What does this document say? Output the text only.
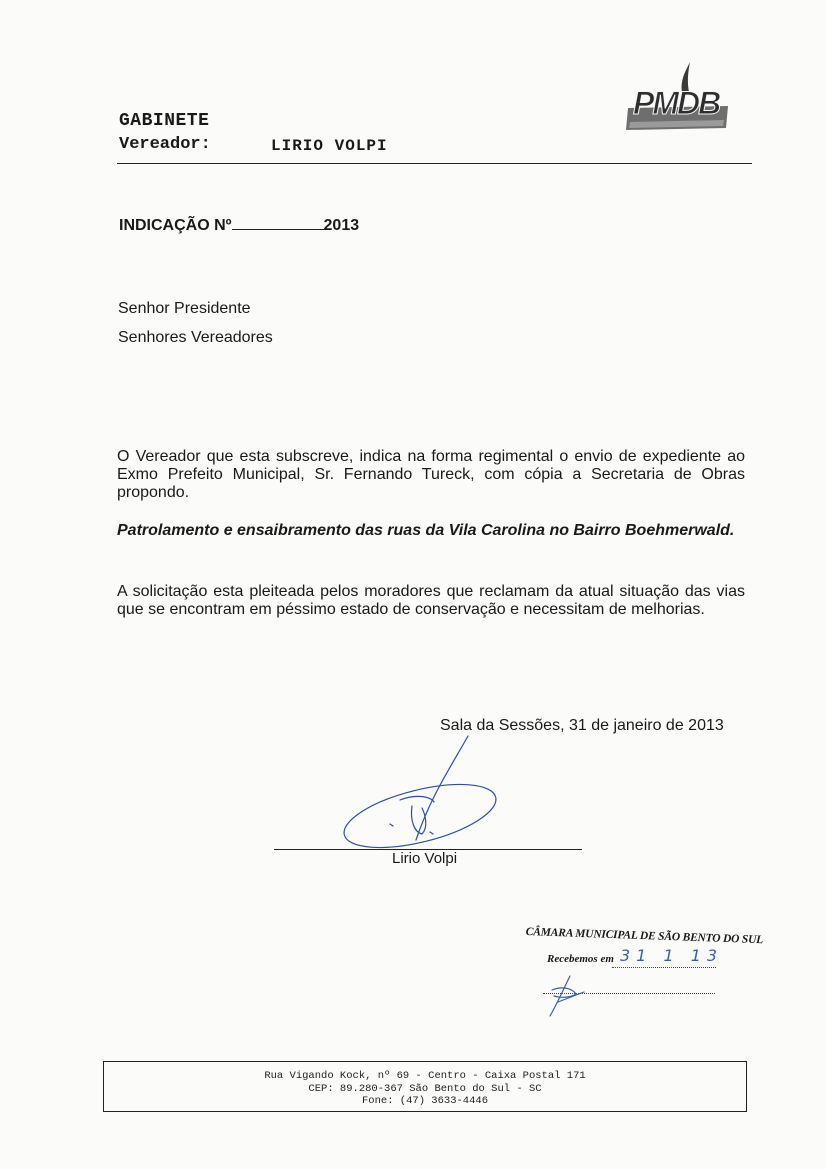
GABINETE
Vereador:	LIRIO VOLPI
PMDB
INDICAÇÃO Nº	2013
Senhor Presidente
Senhores Vereadores
O Vereador que esta subscreve, indica na forma regimental o envio de expediente ao Exmo Prefeito Municipal, Sr. Fernando Tureck, com cópia a Secretaria de Obras propondo.
Patrolamento e ensaibramento das ruas da Vila Carolina no Bairro Boehmerwald.
A solicitação esta pleiteada pelos moradores que reclamam da atual situação das vias que se encontram em péssimo estado de conservação e necessitam de melhorias.
Sala da Sessões, 31 de janeiro de 2013
Lirio Volpi
CÂMARA MUNICIPAL DE SÃO BENTO DO SUL
Recebemos em 31 1 13
Rua Vigando Kock, nº 69 - Centro - Caixa Postal 171
CEP: 89.280-367 São Bento do Sul - SC
Fone: (47) 3633-4446
